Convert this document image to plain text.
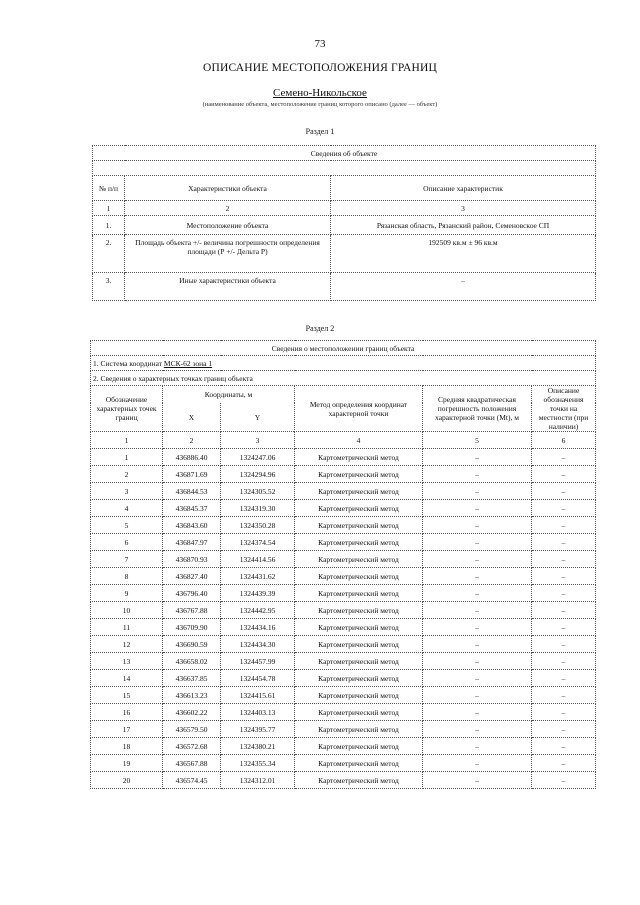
73
ОПИСАНИЕ МЕСТОПОЛОЖЕНИЯ ГРАНИЦ
Семено-Никольское
(наименование объекта, местоположение границ которого описано (далее — объект)
Раздел 1
Сведения об объекте		

№ п/п	Характеристики объекта	Описание характеристик
1	2	3
1.	Местоположение объекта	Рязанская область, Рязанский район, Семеновское СП
2.	Площадь объекта +/- величина погрешности определения площади (Р +/- Дельта Р)	192509 кв.м ± 96 кв.м
3.	Иные характеристики объекта	–
Раздел 2
Сведения о местоположении границ объекта					
1. Система координат МСК-62 зона 1					
2. Сведения о характерных точках границ объекта					
Обозначение характерных точек границ	Координаты, м		Метод определения координат характерной точки	Средняя квадратическая погрешность положения характерной точки (Мt), м	Описание обозначения точки на местности (при наличии)
	X	Y			
1	2	3	4	5	6
1	436886.40	1324247.06	Картометрический метод	–	–
2	436871.69	1324294.96	Картометрический метод	–	–
3	436844.53	1324305.52	Картометрический метод	–	–
4	436845.37	1324319.30	Картометрический метод	–	–
5	436843.60	1324350.28	Картометрический метод	–	–
6	436847.97	1324374.54	Картометрический метод	–	–
7	436870.93	1324414.56	Картометрический метод	–	–
8	436827.40	1324431.62	Картометрический метод	–	–
9	436796.40	1324439.39	Картометрический метод	–	–
10	436767.88	1324442.95	Картометрический метод	–	–
11	436709.90	1324434.16	Картометрический метод	–	–
12	436690.59	1324434.30	Картометрический метод	–	–
13	436658.02	1324457.99	Картометрический метод	–	–
14	436637.85	1324454.78	Картометрический метод	–	–
15	436613.23	1324415.61	Картометрический метод	–	–
16	436602.22	1324403.13	Картометрический метод	–	–
17	436579.50	1324395.77	Картометрический метод	–	–
18	436572.68	1324380.21	Картометрический метод	–	–
19	436567.88	1324355.34	Картометрический метод	–	–
20	436574.45	1324312.01	Картометрический метод	–	–
